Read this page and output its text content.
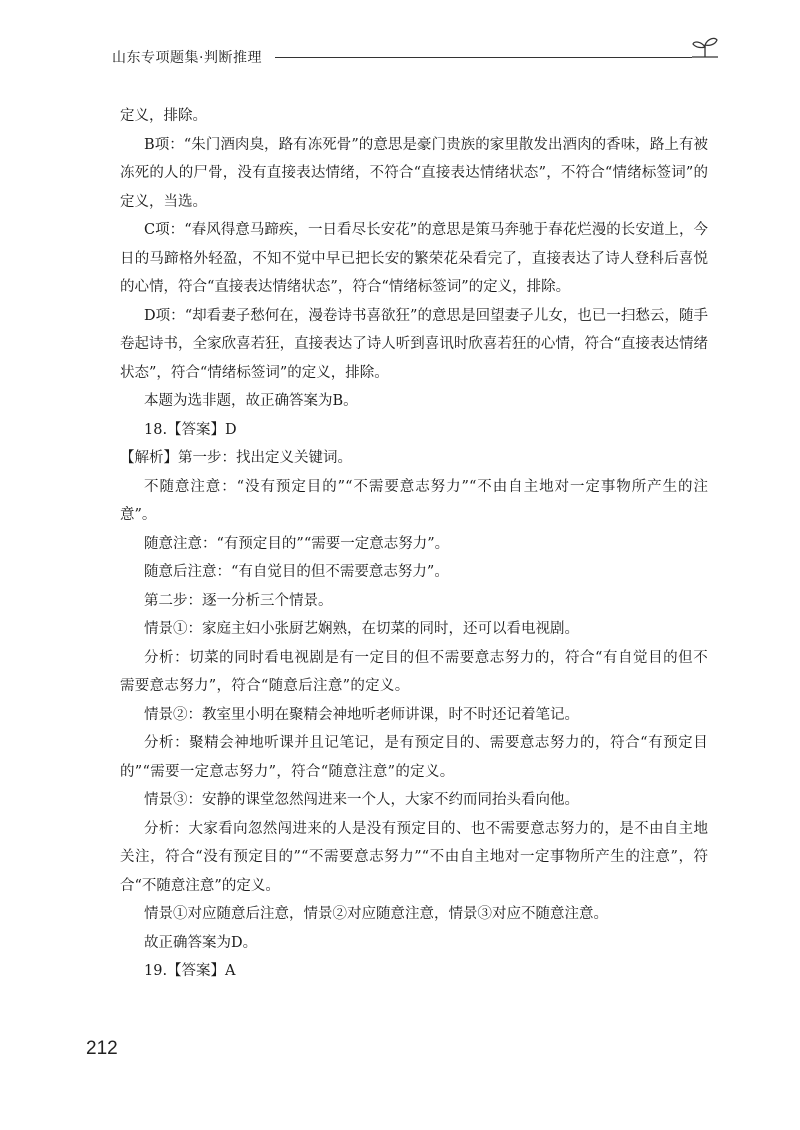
山东专项题集·判断推理

定义，排除。

B项：“朱门酒肉臭，路有冻死骨”的意思是豪门贵族的家里散发出酒肉的香味，路上有被冻死的人的尸骨，没有直接表达情绪，不符合“直接表达情绪状态”，不符合“情绪标签词”的定义，当选。

C项：“春风得意马蹄疾，一日看尽长安花”的意思是策马奔驰于春花烂漫的长安道上，今日的马蹄格外轻盈，不知不觉中早已把长安的繁荣花朵看完了，直接表达了诗人登科后喜悦的心情，符合“直接表达情绪状态”，符合“情绪标签词”的定义，排除。

D项：“却看妻子愁何在，漫卷诗书喜欲狂”的意思是回望妻子儿女，也已一扫愁云，随手卷起诗书，全家欣喜若狂，直接表达了诗人听到喜讯时欣喜若狂的心情，符合“直接表达情绪状态”，符合“情绪标签词”的定义，排除。

本题为选非题，故正确答案为B。

18.【答案】D

【解析】第一步：找出定义关键词。

不随意注意：“没有预定目的”“不需要意志努力”“不由自主地对一定事物所产生的注意”。

随意注意：“有预定目的”“需要一定意志努力”。

随意后注意：“有自觉目的但不需要意志努力”。

第二步：逐一分析三个情景。

情景①：家庭主妇小张厨艺娴熟，在切菜的同时，还可以看电视剧。

分析：切菜的同时看电视剧是有一定目的但不需要意志努力的，符合“有自觉目的但不需要意志努力”，符合“随意后注意”的定义。

情景②：教室里小明在聚精会神地听老师讲课，时不时还记着笔记。

分析：聚精会神地听课并且记笔记，是有预定目的、需要意志努力的，符合“有预定目的”“需要一定意志努力”，符合“随意注意”的定义。

情景③：安静的课堂忽然闯进来一个人，大家不约而同抬头看向他。

分析：大家看向忽然闯进来的人是没有预定目的、也不需要意志努力的，是不由自主地关注，符合“没有预定目的”“不需要意志努力”“不由自主地对一定事物所产生的注意”，符合“不随意注意”的定义。

情景①对应随意后注意，情景②对应随意注意，情景③对应不随意注意。

故正确答案为D。

19.【答案】A

212
